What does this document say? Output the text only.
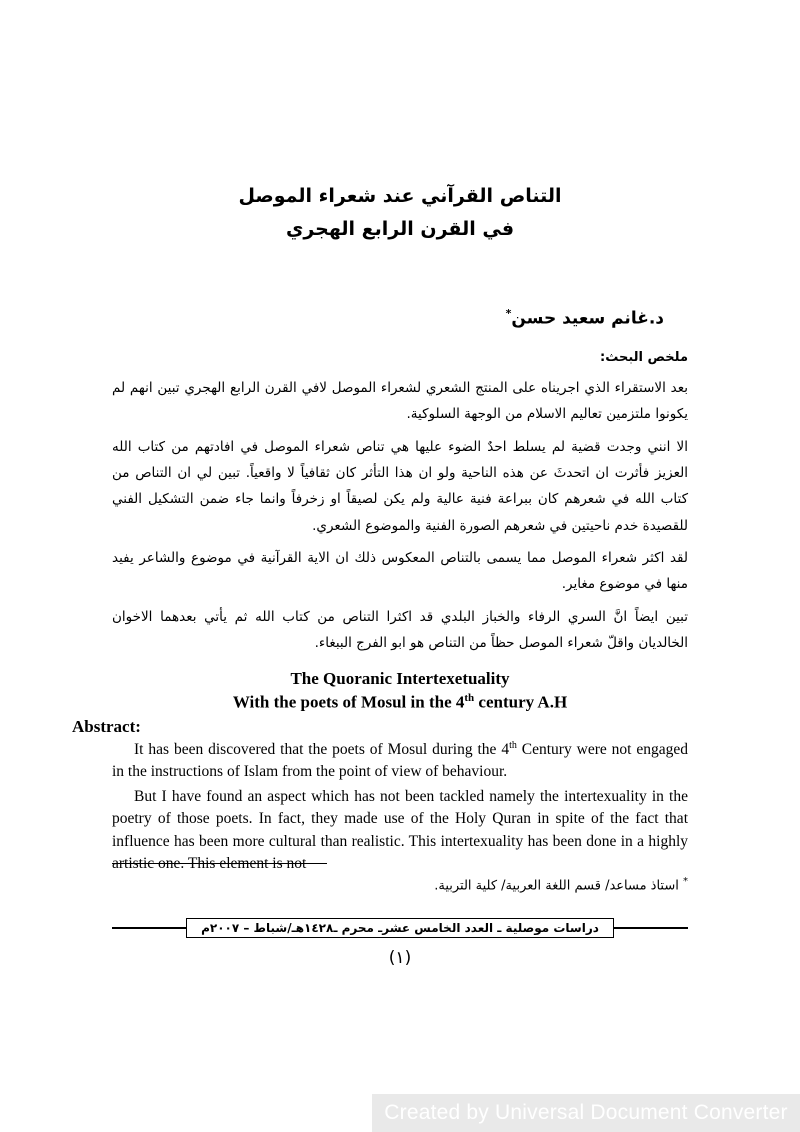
التناص القرآني عند شعراء الموصل
في القرن الرابع الهجري
د.غانم سعيد حسن*
ملخص البحث:

بعد الاستقراء الذي اجريناه على المنتج الشعري لشعراء الموصل لافي القرن الرابع الهجري تبين انهم لم يكونوا ملتزمين تعاليم الاسلام من الوجهة السلوكية.

الا انني وجدت قضية لم يسلط احدٌ الضوء عليها هي تناص شعراء الموصل في افادتهم من كتاب الله العزيز فأثرت ان اتحدثَ عن هذه الناحية ولو ان هذا التأثر كان ثقافياً لا واقعياً. تبين لي ان التناص من كتاب الله في شعرهم كان ببراعة فنية عالية ولم يكن لصيقاً او زخرفاً وانما جاء ضمن التشكيل الفني للقصيدة خدم ناحيتين في شعرهم الصورة الفنية والموضوع الشعري.

لقد اكثر شعراء الموصل مما يسمى بالتناص المعكوس ذلك ان الاية القرآنية في موضوع والشاعر يفيد منها في موضوع مغاير.

تبين ايضاً انَّ السري الرفاء والخباز البلدي قد اكثرا التناص من كتاب الله ثم يأتي بعدهما الاخوان الخالديان واقلّ شعراء الموصل حظاً من التناص هو ابو الفرج الببغاء.

The Quoranic Intertexetuality
With the poets of Mosul in the 4th century A.H
Abstract:

It has been discovered that the poets of Mosul during the 4th Century were not engaged in the instructions of Islam from the point of view of behaviour.

But I have found an aspect which has not been tackled namely the intertexuality in the poetry of those poets. In fact, they made use of the Holy Quran in spite of the fact that influence has been more cultural than realistic. This intertexuality has been done in a highly artistic one. This element is not

* استاذ مساعد/ قسم اللغة العربية/ كلية التربية.
دراسات موصلية ـ العدد الخامس عشرـ محرم ـ١٤٢٨هـ/شباط – ٢٠٠٧م
(١)
Created by Universal Document Converter
